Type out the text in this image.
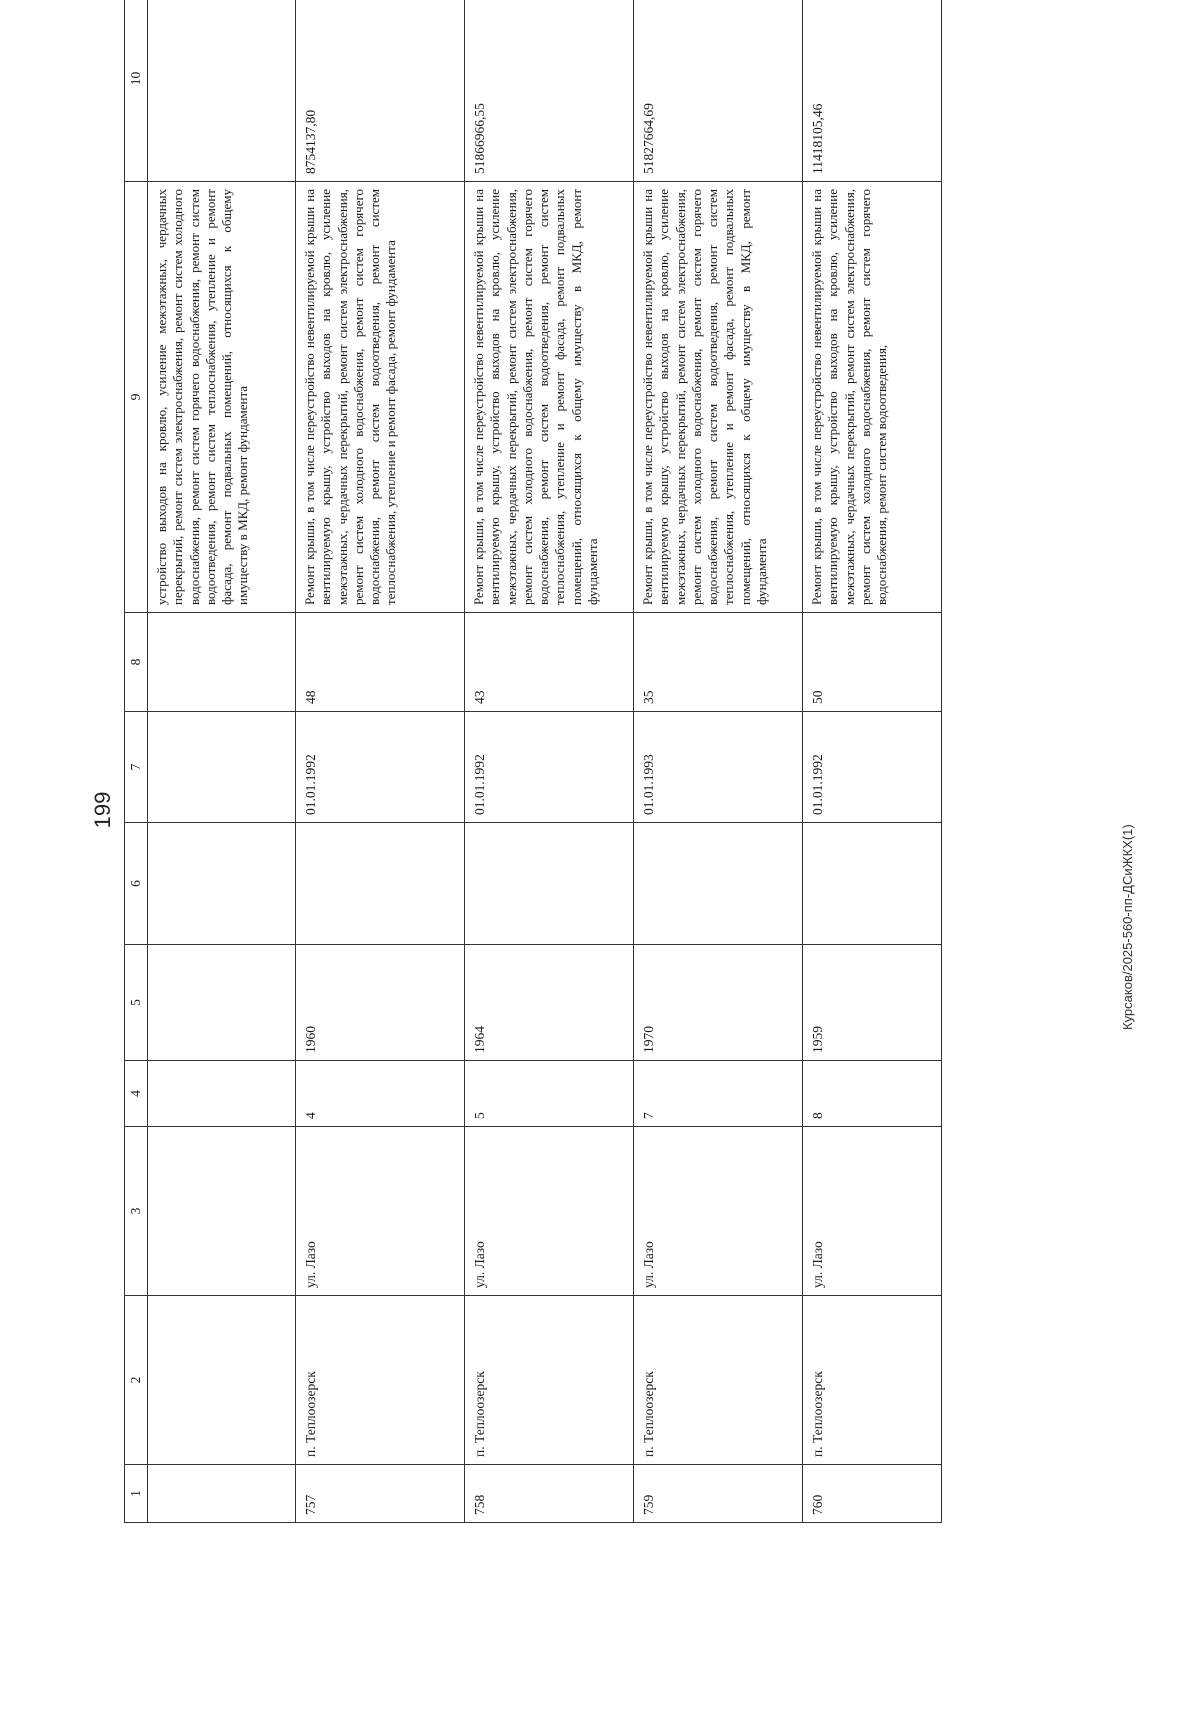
199
Курсаков/2025-560-пп-ДСиЖКХ(1)
1	2	3	4	5	6	7	8	9	10
								устройство выходов на кровлю, усиление межэтажных, чердачных перекрытий, ремонт систем электроснабжения, ремонт систем холодного водоснабжения, ремонт систем горячего водоснабжения, ремонт систем водоотведения, ремонт систем теплоснабжения, утепление и ремонт фасада, ремонт подвальных помещений, относящихся к общему имуществу в МКД, ремонт фундамента	
757	п. Теплоозерск	ул. Лазо	4	1960		01.01.1992	48	Ремонт крыши, в том числе переустройство невентилируемой крыши на вентилируемую крышу, устройство выходов на кровлю, усиление межэтажных, чердачных перекрытий, ремонт систем электроснабжения, ремонт систем холодного водоснабжения, ремонт систем горячего водоснабжения, ремонт систем водоотведения, ремонт систем теплоснабжения, утепление и ремонт фасада, ремонт фундамента	8754137,80
758	п. Теплоозерск	ул. Лазо	5	1964		01.01.1992	43	Ремонт крыши, в том числе переустройство невентилируемой крыши на вентилируемую крышу, устройство выходов на кровлю, усиление межэтажных, чердачных перекрытий, ремонт систем электроснабжения, ремонт систем холодного водоснабжения, ремонт систем горячего водоснабжения, ремонт систем водоотведения, ремонт систем теплоснабжения, утепление и ремонт фасада, ремонт подвальных помещений, относящихся к общему имуществу в МКД, ремонт фундамента	51866966,55
759	п. Теплоозерск	ул. Лазо	7	1970		01.01.1993	35	Ремонт крыши, в том числе переустройство невентилируемой крыши на вентилируемую крышу, устройство выходов на кровлю, усиление межэтажных, чердачных перекрытий, ремонт систем электроснабжения, ремонт систем холодного водоснабжения, ремонт систем горячего водоснабжения, ремонт систем водоотведения, ремонт систем теплоснабжения, утепление и ремонт фасада, ремонт подвальных помещений, относящихся к общему имуществу в МКД, ремонт фундамента	51827664,69
760	п. Теплоозерск	ул. Лазо	8	1959		01.01.1992	50	Ремонт крыши, в том числе переустройство невентилируемой крыши на вентилируемую крышу, устройство выходов на кровлю, усиление межэтажных, чердачных перекрытий, ремонт систем электроснабжения, ремонт систем холодного водоснабжения, ремонт систем горячего водоснабжения, ремонт систем водоотведения,	11418105,46
